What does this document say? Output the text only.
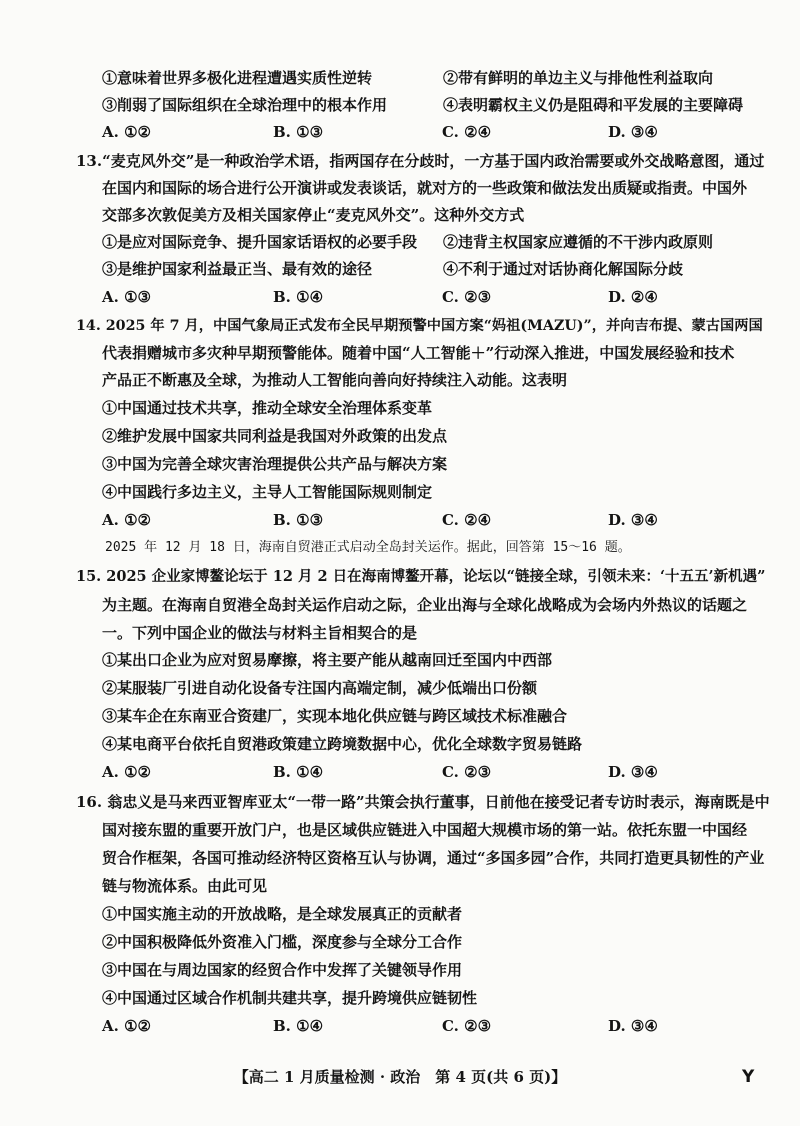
①意味着世界多极化进程遭遇实质性逆转	②带有鲜明的单边主义与排他性利益取向
③削弱了国际组织在全球治理中的根本作用	④表明霸权主义仍是阻碍和平发展的主要障碍
A. ①②	B. ①③	C. ②④	D. ③④
13.“麦克风外交”是一种政治学术语，指两国存在分歧时，一方基于国内政治需要或外交战略意图，通过
在国内和国际的场合进行公开演讲或发表谈话，就对方的一些政策和做法发出质疑或指责。中国外
交部多次敦促美方及相关国家停止“麦克风外交”。这种外交方式
①是应对国际竞争、提升国家话语权的必要手段 ②违背主权国家应遵循的不干涉内政原则
③是维护国家利益最正当、最有效的途径	④不利于通过对话协商化解国际分歧
A. ①③	B. ①④	C. ②③	D. ②④
14. 2025 年 7 月，中国气象局正式发布全民早期预警中国方案“妈祖(MAZU)”，并向吉布提、蒙古国两国
代表捐赠城市多灾种早期预警能体。随着中国“人工智能＋”行动深入推进，中国发展经验和技术
产品正不断惠及全球，为推动人工智能向善向好持续注入动能。这表明
①中国通过技术共享，推动全球安全治理体系变革
②维护发展中国家共同利益是我国对外政策的出发点
③中国为完善全球灾害治理提供公共产品与解决方案
④中国践行多边主义，主导人工智能国际规则制定
A. ①②	B. ①③	C. ②④	D. ③④
2025 年 12 月 18 日，海南自贸港正式启动全岛封关运作。据此，回答第 15～16 题。
15. 2025 企业家博鳌论坛于 12 月 2 日在海南博鳌开幕，论坛以“链接全球，引领未来：‘十五五’新机遇”
为主题。在海南自贸港全岛封关运作启动之际，企业出海与全球化战略成为会场内外热议的话题之
一。下列中国企业的做法与材料主旨相契合的是
①某出口企业为应对贸易摩擦，将主要产能从越南回迁至国内中西部
②某服装厂引进自动化设备专注国内高端定制，减少低端出口份额
③某车企在东南亚合资建厂，实现本地化供应链与跨区域技术标准融合
④某电商平台依托自贸港政策建立跨境数据中心，优化全球数字贸易链路
A. ①②	B. ①④	C. ②③	D. ③④
16. 翁忠义是马来西亚智库亚太“一带一路”共策会执行董事，日前他在接受记者专访时表示，海南既是中
国对接东盟的重要开放门户，也是区域供应链进入中国超大规模市场的第一站。依托东盟一中国经
贸合作框架，各国可推动经济特区资格互认与协调，通过“多国多园”合作，共同打造更具韧性的产业
链与物流体系。由此可见
①中国实施主动的开放战略，是全球发展真正的贡献者
②中国积极降低外资准入门槛，深度参与全球分工合作
③中国在与周边国家的经贸合作中发挥了关键领导作用
④中国通过区域合作机制共建共享，提升跨境供应链韧性
A. ①②	B. ①④	C. ②③	D. ③④
【高二 1 月质量检测 · 政治　第 4 页(共 6 页)】	Y
